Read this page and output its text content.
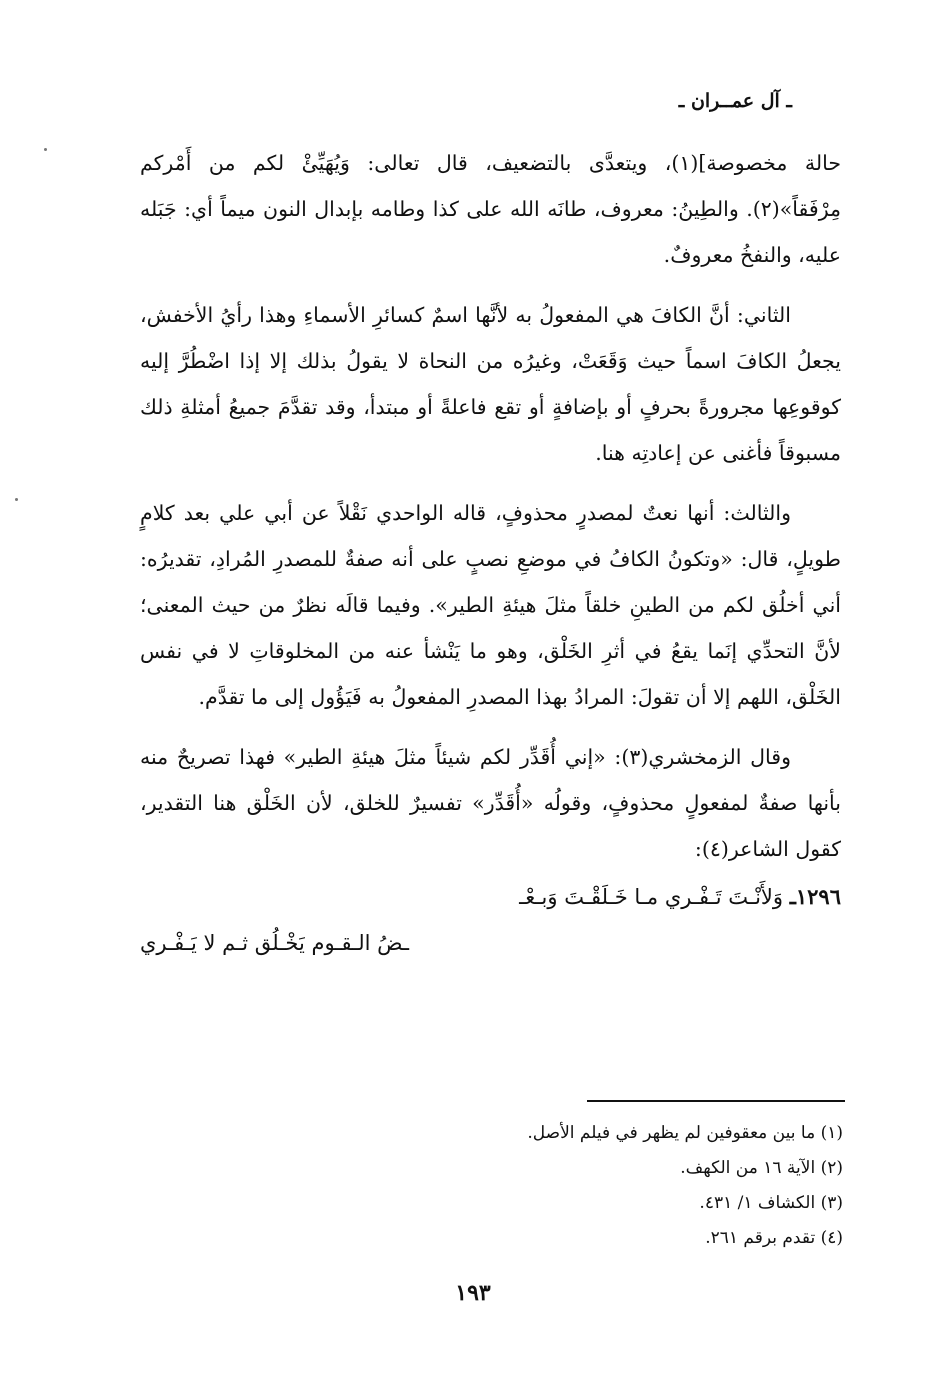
ـ آل عمــران ـ

حالة مخصوصة](١)، ويتعدَّى بالتضعيف، قال تعالى: وَيُهَيِّئْ لكم من أَمْركم مِرْفَقاً»(٢). والطِينُ: معروف، طانَه الله على كذا وطامه بإبدال النون ميماً أي: جَبَله عليه، والنفخُ معروفٌ.

الثاني: أنَّ الكافَ هي المفعولُ به لأنَّها اسمٌ كسائرِ الأسماءِ وهذا رأيُ الأخفش، يجعلُ الكافَ اسماً حيث وَقَعَتْ، وغيرُه من النحاة لا يقولُ بذلك إلا إذا اضْطُرَّ إليه كوقوعِها مجرورةً بحرفٍ أو بإضافةٍ أو تقع فاعلةً أو مبتدأ، وقد تقدَّمَ جميعُ أمثلةِ ذلك مسبوقاً فأغنى عن إعادتِه هنا.

والثالث: أنها نعتٌ لمصدرٍ محذوفٍ، قاله الواحدي نَقْلاً عن أبي علي بعد كلامٍ طويلٍ، قال: «وتكونُ الكافُ في موضعِ نصبٍ على أنه صفةٌ للمصدرِ المُرادِ، تقديرُه: أني أخلُق لكم من الطينِ خلقاً مثلَ هيئةِ الطير». وفيما قالَه نظرٌ من حيث المعنى؛ لأنَّ التحدِّي إنَما يقعُ في أثرِ الخَلْق، وهو ما يَنْشأ عنه من المخلوقاتِ لا في نفس الخَلْق، اللهم إلا أن تقولَ: المرادُ بهذا المصدرِ المفعولُ به فَيَؤُول إلى ما تقدَّم.

وقال الزمخشري(٣): «إني أُقَدِّر لكم شيئاً مثلَ هيئةِ الطير» فهذا تصريحٌ منه بأنها صفةٌ لمفعولٍ محذوفٍ، وقولُه «أُقَدِّر» تفسيرٌ للخلق، لأن الخَلْق هنا التقدير، كقول الشاعر(٤):

١٢٩٦ـ وَلأَنْـتَ تَـفْـري مـا خَـلَقْـتَ وَبـعْـ
ـضُ الـقـوم يَخْـلُق ثـم لا يَـفْـري

(١) ما بين معقوفين لم يظهر في فيلم الأصل.

(٢) الآية ١٦ من الكهف.

(٣) الكشاف ١/ ٤٣١.

(٤) تقدم برقم ٢٦١.

١٩٣
